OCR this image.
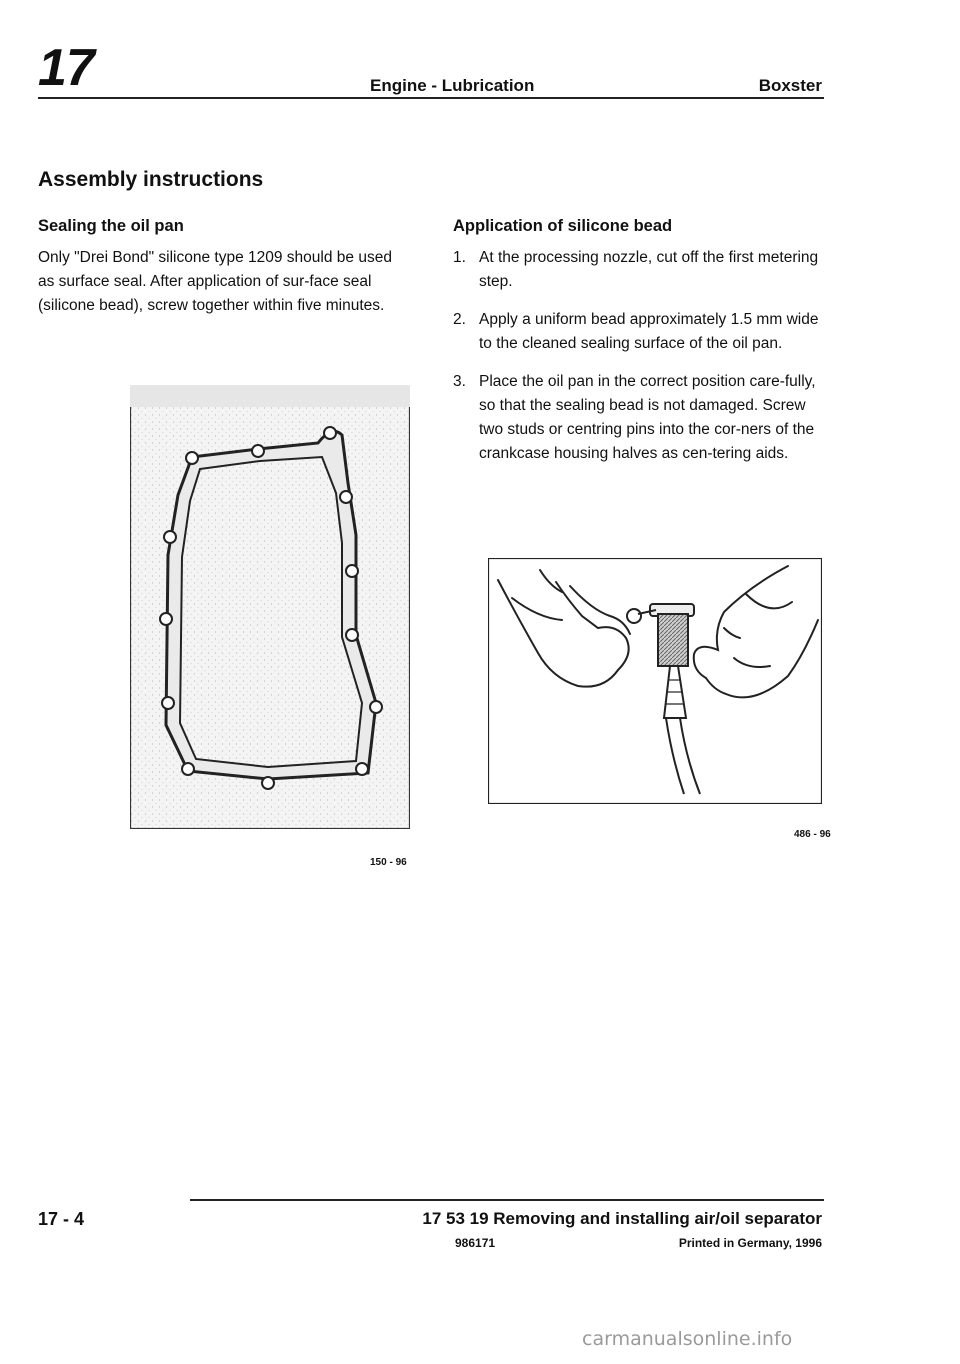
17	Engine - Lubrication	Boxster
Assembly instructions
Sealing the oil pan

Only "Drei Bond" silicone type 1209 should be used as surface seal. After application of sur-face seal (silicone bead), screw together within five minutes.

Application of silicone bead
1. At the processing nozzle, cut off the first metering step.
2. Apply a uniform bead approximately 1.5 mm wide to the cleaned sealing surface of the oil pan.
3. Place the oil pan in the correct position care-fully, so that the sealing bead is not damaged. Screw two studs or centring pins into the cor-ners of the crankcase housing halves as cen-tering aids.
150 - 96
486 - 96
17 - 4	17 53 19 Removing and installing air/oil separator
986171	Printed in Germany, 1996
carmanualsonline.info
